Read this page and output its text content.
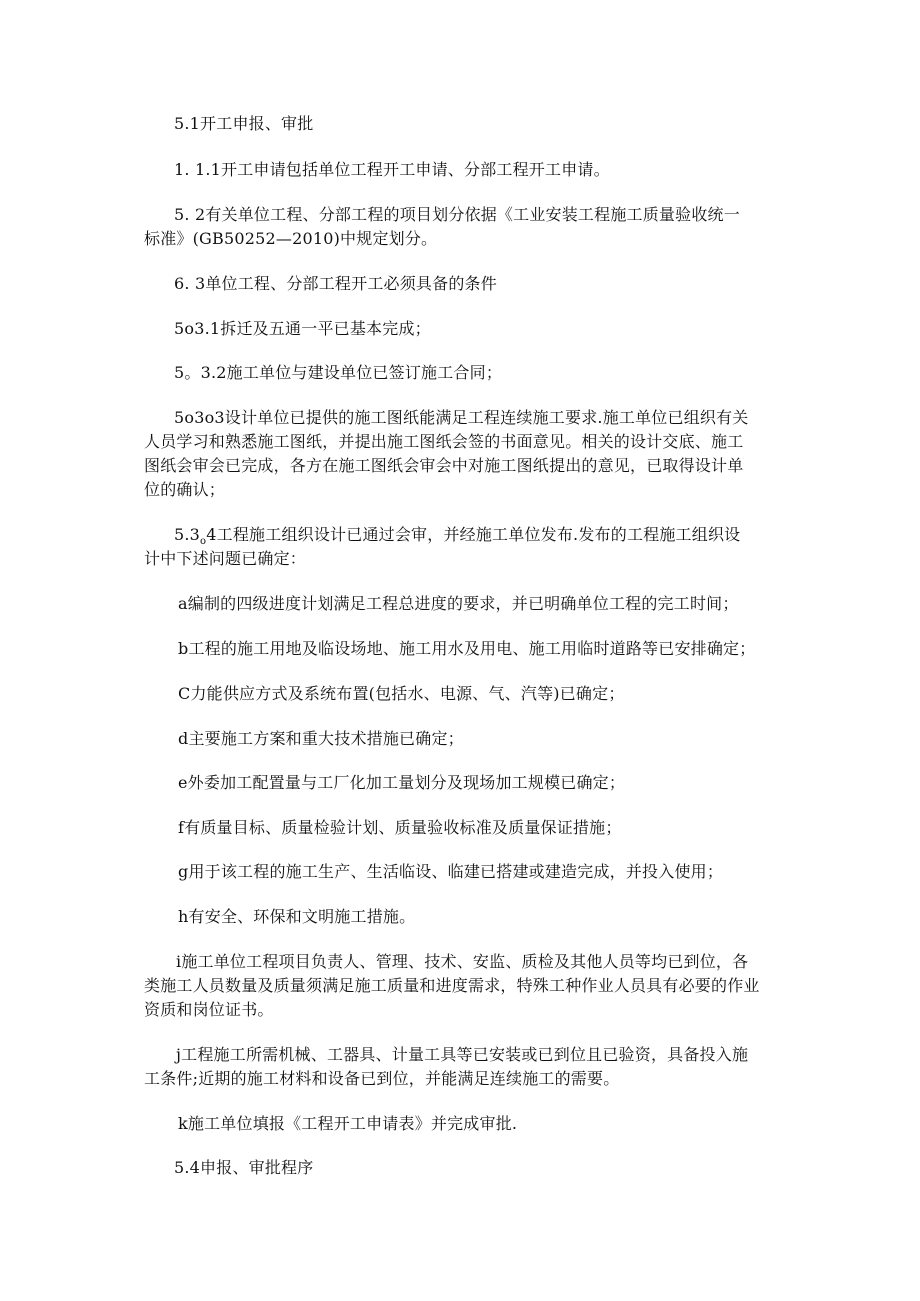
5.1开工申报、审批

1. 1.1开工申请包括单位工程开工申请、分部工程开工申请。

5. 2有关单位工程、分部工程的项目划分依据《工业安装工程施工质量验收统一

标准》(GB50252—2010)中规定划分。

6. 3单位工程、分部工程开工必须具备的条件

5o3.1拆迁及五通一平已基本完成；

5。3.2施工单位与建设单位已签订施工合同；

5o3o3设计单位已提供的施工图纸能满足工程连续施工要求.施工单位已组织有关

人员学习和熟悉施工图纸，并提出施工图纸会签的书面意见。相关的设计交底、施工

图纸会审会已完成，各方在施工图纸会审会中对施工图纸提出的意见，已取得设计单

位的确认；

$5.3_o4$工程施工组织设计已通过会审，并经施工单位发布.发布的工程施工组织设

计中下述问题已确定：

a编制的四级进度计划满足工程总进度的要求，并已明确单位工程的完工时间；

b工程的施工用地及临设场地、施工用水及用电、施工用临时道路等已安排确定；

C力能供应方式及系统布置(包括水、电源、气、汽等)已确定；

d主要施工方案和重大技术措施已确定；

e外委加工配置量与工厂化加工量划分及现场加工规模已确定；

f有质量目标、质量检验计划、质量验收标准及质量保证措施；

g用于该工程的施工生产、生活临设、临建已搭建或建造完成，并投入使用；

h有安全、环保和文明施工措施。

i施工单位工程项目负责人、管理、技术、安监、质检及其他人员等均已到位，各

类施工人员数量及质量须满足施工质量和进度需求，特殊工种作业人员具有必要的作业

资质和岗位证书。

j工程施工所需机械、工器具、计量工具等已安装或已到位且已验资，具备投入施

工条件;近期的施工材料和设备已到位，并能满足连续施工的需要。

k施工单位填报《工程开工申请表》并完成审批.

5.4申报、审批程序
